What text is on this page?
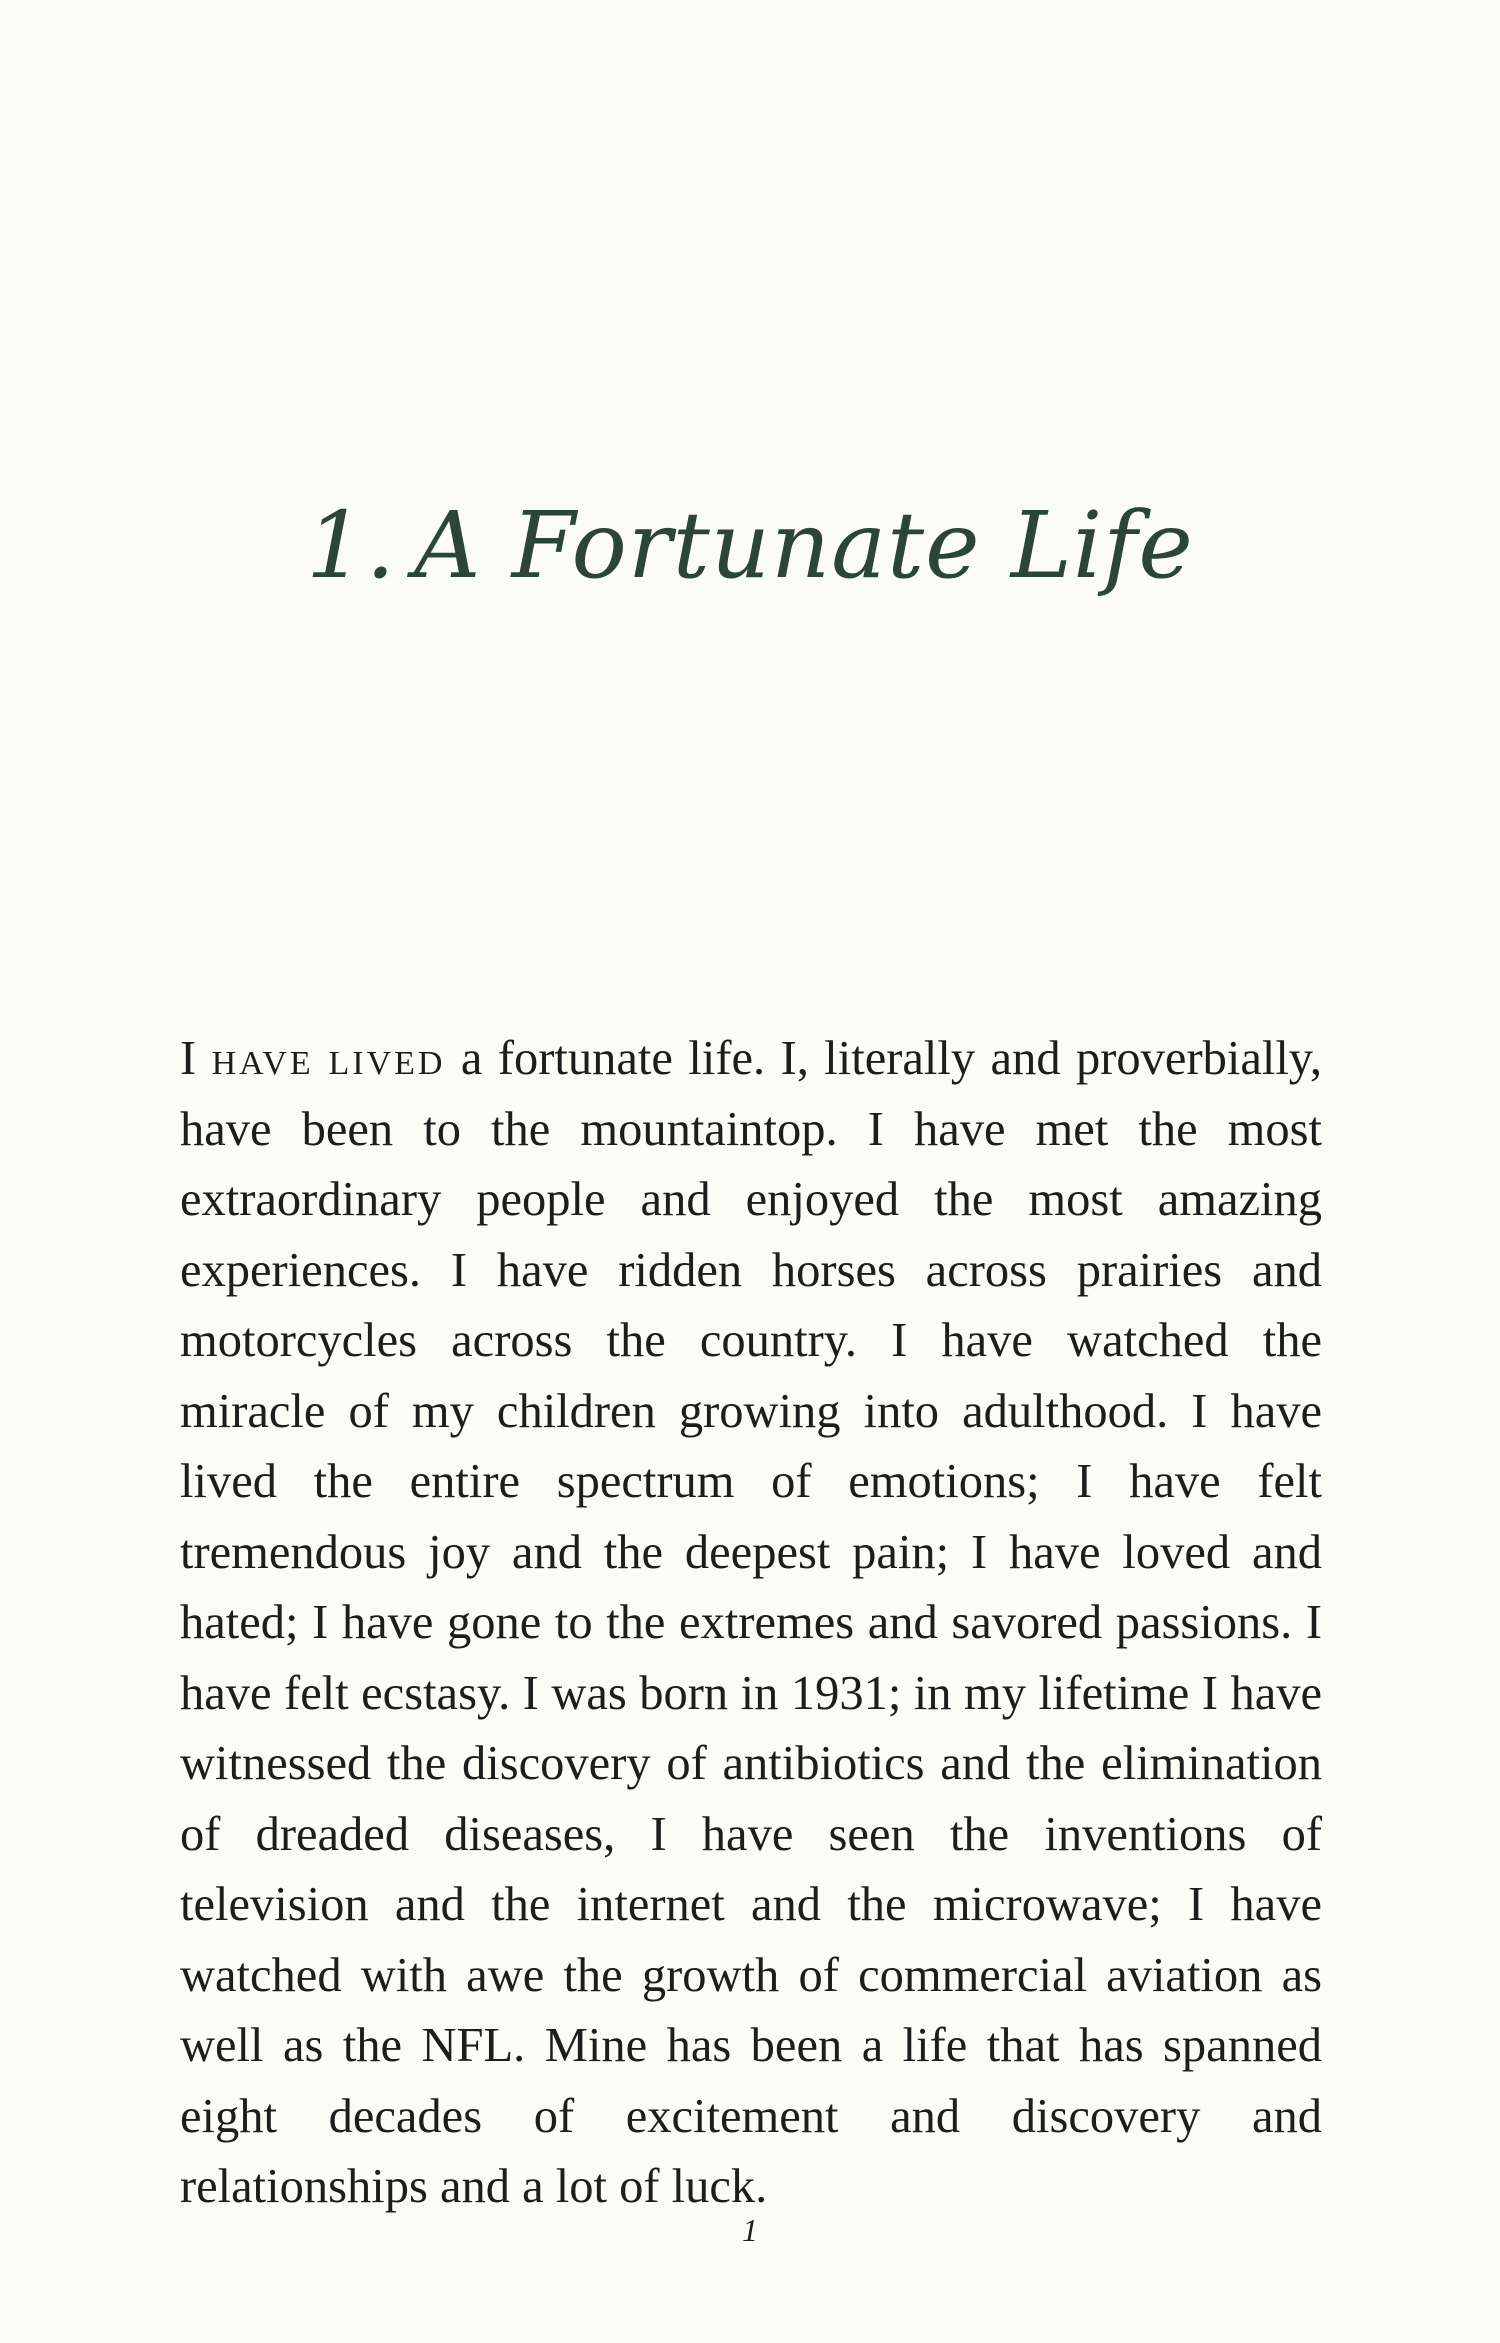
1. A Fortunate Life

I have lived a fortunate life. I, literally and proverbially, have been to the mountaintop. I have met the most extraordinary people and enjoyed the most amazing experiences. I have ridden horses across prairies and motorcycles across the country. I have watched the miracle of my children growing into adulthood. I have lived the entire spectrum of emotions; I have felt tremendous joy and the deepest pain; I have loved and hated; I have gone to the extremes and savored passions. I have felt ecstasy. I was born in 1931; in my lifetime I have witnessed the discovery of antibiotics and the elimination of dreaded diseases, I have seen the inventions of television and the internet and the microwave; I have watched with awe the growth of commercial aviation as well as the NFL. Mine has been a life that has spanned eight decades of excitement and discovery and relationships and a lot of luck.

1
